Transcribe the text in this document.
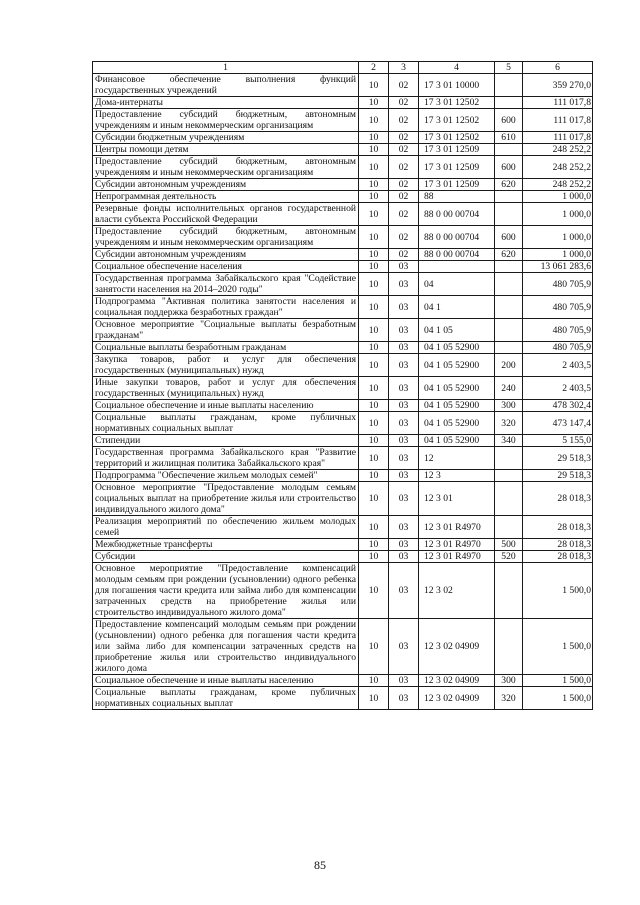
1	2	3	4	5	6
Финансовое обеспечение выполнения функций государственных учреждений	10	02	17 3 01 10000		359 270,0
Дома-интернаты	10	02	17 3 01 12502		111 017,8
Предоставление субсидий бюджетным, автономным учреждениям и иным некоммерческим организациям	10	02	17 3 01 12502	600	111 017,8
Субсидии бюджетным учреждениям	10	02	17 3 01 12502	610	111 017,8
Центры помощи детям	10	02	17 3 01 12509		248 252,2
Предоставление субсидий бюджетным, автономным учреждениям и иным некоммерческим организациям	10	02	17 3 01 12509	600	248 252,2
Субсидии автономным учреждениям	10	02	17 3 01 12509	620	248 252,2
Непрограммная деятельность	10	02	88		1 000,0
Резервные фонды исполнительных органов государственной власти субъекта Российской Федерации	10	02	88 0 00 00704		1 000,0
Предоставление субсидий бюджетным, автономным учреждениям и иным некоммерческим организациям	10	02	88 0 00 00704	600	1 000,0
Субсидии автономным учреждениям	10	02	88 0 00 00704	620	1 000,0
Социальное обеспечение населения	10	03			13 061 283,6
Государственная программа Забайкальского края "Содействие занятости населения на 2014–2020 годы"	10	03	04		480 705,9
Подпрограмма "Активная политика занятости населения и социальная поддержка безработных граждан"	10	03	04 1		480 705,9
Основное мероприятие "Социальные выплаты безработным гражданам"	10	03	04 1 05		480 705,9
Социальные выплаты безработным гражданам	10	03	04 1 05 52900		480 705,9
Закупка товаров, работ и услуг для обеспечения государственных (муниципальных) нужд	10	03	04 1 05 52900	200	2 403,5
Иные закупки товаров, работ и услуг для обеспечения государственных (муниципальных) нужд	10	03	04 1 05 52900	240	2 403,5
Социальное обеспечение и иные выплаты населению	10	03	04 1 05 52900	300	478 302,4
Социальные выплаты гражданам, кроме публичных нормативных социальных выплат	10	03	04 1 05 52900	320	473 147,4
Стипендии	10	03	04 1 05 52900	340	5 155,0
Государственная программа Забайкальского края "Развитие территорий и жилищная политика Забайкальского края"	10	03	12		29 518,3
Подпрограмма "Обеспечение жильем молодых семей"	10	03	12 3		29 518,3
Основное мероприятие "Предоставление молодым семьям социальных выплат на приобретение жилья или строительство индивидуального жилого дома"	10	03	12 3 01		28 018,3
Реализация мероприятий по обеспечению жильем молодых семей	10	03	12 3 01 R4970		28 018,3
Межбюджетные трансферты	10	03	12 3 01 R4970	500	28 018,3
Субсидии	10	03	12 3 01 R4970	520	28 018,3
Основное мероприятие "Предоставление компенсаций молодым семьям при рождении (усыновлении) одного ребенка для погашения части кредита или займа либо для компенсации затраченных средств на приобретение жилья или строительство индивидуального жилого дома"	10	03	12 3 02		1 500,0
Предоставление компенсаций молодым семьям при рождении (усыновлении) одного ребенка для погашения части кредита или займа либо для компенсации затраченных средств на приобретение жилья или строительство индивидуального жилого дома	10	03	12 3 02 04909		1 500,0
Социальное обеспечение и иные выплаты населению	10	03	12 3 02 04909	300	1 500,0
Социальные выплаты гражданам, кроме публичных нормативных социальных выплат	10	03	12 3 02 04909	320	1 500,0
85
